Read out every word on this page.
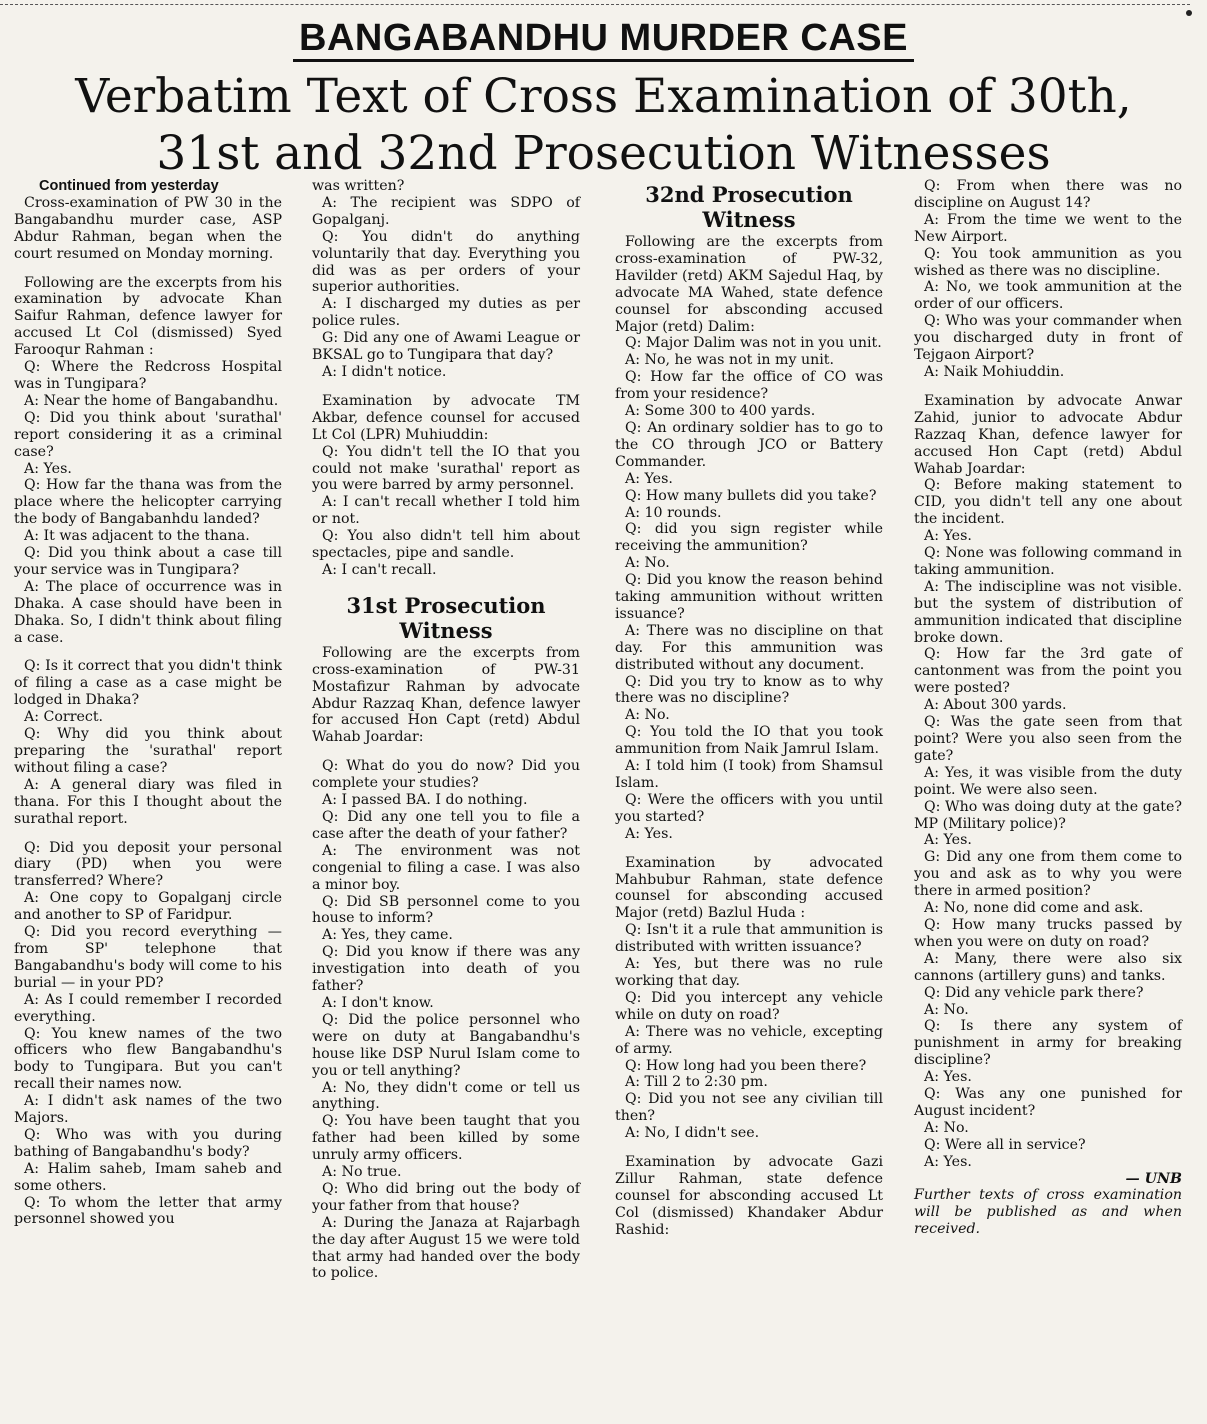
BANGABANDHU MURDER CASE
Verbatim Text of Cross Examination of 30th,
31st and 32nd Prosecution Witnesses

Continued from yesterday

Cross-examination of PW 30 in the Bangabandhu murder case, ASP Abdur Rahman, began when the court resumed on Monday morning.

Following are the excerpts from his examination by advocate Khan Saifur Rahman, defence lawyer for accused Lt Col (dismissed) Syed Farooqur Rahman :

Q: Where the Redcross Hospital was in Tungipara?

A: Near the home of Bangabandhu.

Q: Did you think about 'surathal' report considering it as a criminal case?

A: Yes.

Q: How far the thana was from the place where the helicopter carrying the body of Bangabanhdu landed?

A: It was adjacent to the thana.

Q: Did you think about a case till your service was in Tungipara?

A: The place of occurrence was in Dhaka. A case should have been in Dhaka. So, I didn't think about filing a case.

Q: Is it correct that you didn't think of filing a case as a case might be lodged in Dhaka?

A: Correct.

Q: Why did you think about preparing the 'surathal' report without filing a case?

A: A general diary was filed in thana. For this I thought about the surathal report.

Q: Did you deposit your personal diary (PD) when you were transferred? Where?

A: One copy to Gopalganj circle and another to SP of Faridpur.

Q: Did you record everything — from SP' telephone that Bangabandhu's body will come to his burial — in your PD?

A: As I could remember I recorded everything.

Q: You knew names of the two officers who flew Bangabandhu's body to Tungipara. But you can't recall their names now.

A: I didn't ask names of the two Majors.

Q: Who was with you during bathing of Bangabandhu's body?

A: Halim saheb, Imam saheb and some others.

Q: To whom the letter that army personnel showed you

was written?

A: The recipient was SDPO of Gopalganj.

Q: You didn't do anything voluntarily that day. Everything you did was as per orders of your superior authorities.

A: I discharged my duties as per police rules.

G: Did any one of Awami League or BKSAL go to Tungipara that day?

A: I didn't notice.

Examination by advocate TM Akbar, defence counsel for accused Lt Col (LPR) Muhiuddin:

Q: You didn't tell the IO that you could not make 'surathal' report as you were barred by army personnel.

A: I can't recall whether I told him or not.

Q: You also didn't tell him about spectacles, pipe and sandle.

A: I can't recall.

31st Prosecution Witness

Following are the excerpts from cross-examination of PW-31 Mostafizur Rahman by advocate Abdur Razzaq Khan, defence lawyer for accused Hon Capt (retd) Abdul Wahab Joardar:

Q: What do you do now? Did you complete your studies?

A: I passed BA. I do nothing.

Q: Did any one tell you to file a case after the death of your father?

A: The environment was not congenial to filing a case. I was also a minor boy.

Q: Did SB personnel come to you house to inform?

A: Yes, they came.

Q: Did you know if there was any investigation into death of you father?

A: I don't know.

Q: Did the police personnel who were on duty at Bangabandhu's house like DSP Nurul Islam come to you or tell anything?

A: No, they didn't come or tell us anything.

Q: You have been taught that you father had been killed by some unruly army officers.

A: No true.

Q: Who did bring out the body of your father from that house?

A: During the Janaza at Rajarbagh the day after August 15 we were told that army had handed over the body to police.

32nd Prosecution Witness

Following are the excerpts from cross-examination of PW-32, Havilder (retd) AKM Sajedul Haq, by advocate MA Wahed, state defence counsel for absconding accused Major (retd) Dalim:

Q: Major Dalim was not in you unit.

A: No, he was not in my unit.

Q: How far the office of CO was from your residence?

A: Some 300 to 400 yards.

Q: An ordinary soldier has to go to the CO through JCO or Battery Commander.

A: Yes.

Q: How many bullets did you take?

A: 10 rounds.

Q: did you sign register while receiving the ammunition?

A: No.

Q: Did you know the reason behind taking ammunition without written issuance?

A: There was no discipline on that day. For this ammunition was distributed without any document.

Q: Did you try to know as to why there was no discipline?

A: No.

Q: You told the IO that you took ammunition from Naik Jamrul Islam.

A: I told him (I took) from Shamsul Islam.

Q: Were the officers with you until you started?

A: Yes.

Examination by advocated Mahbubur Rahman, state defence counsel for absconding accused Major (retd) Bazlul Huda :

Q: Isn't it a rule that ammunition is distributed with written issuance?

A: Yes, but there was no rule working that day.

Q: Did you intercept any vehicle while on duty on road?

A: There was no vehicle, excepting of army.

Q: How long had you been there?

A: Till 2 to 2:30 pm.

Q: Did you not see any civilian till then?

A: No, I didn't see.

Examination by advocate Gazi Zillur Rahman, state defence counsel for absconding accused Lt Col (dismissed) Khandaker Abdur Rashid:

Q: From when there was no discipline on August 14?

A: From the time we went to the New Airport.

Q: You took ammunition as you wished as there was no discipline.

A: No, we took ammunition at the order of our officers.

Q: Who was your commander when you discharged duty in front of Tejgaon Airport?

A: Naik Mohiuddin.

Examination by advocate Anwar Zahid, junior to advocate Abdur Razzaq Khan, defence lawyer for accused Hon Capt (retd) Abdul Wahab Joardar:

Q: Before making statement to CID, you didn't tell any one about the incident.

A: Yes.

Q: None was following command in taking ammunition.

A: The indiscipline was not visible. but the system of distribution of ammunition indicated that discipline broke down.

Q: How far the 3rd gate of cantonment was from the point you were posted?

A: About 300 yards.

Q: Was the gate seen from that point? Were you also seen from the gate?

A: Yes, it was visible from the duty point. We were also seen.

Q: Who was doing duty at the gate? MP (Military police)?

A: Yes.

G: Did any one from them come to you and ask as to why you were there in armed position?

A: No, none did come and ask.

Q: How many trucks passed by when you were on duty on road?

A: Many, there were also six cannons (artillery guns) and tanks.

Q: Did any vehicle park there?

A: No.

Q: Is there any system of punishment in army for breaking discipline?

A: Yes.

Q: Was any one punished for August incident?

A: No.

Q: Were all in service?

A: Yes.

— UNB

Further texts of cross examination will be published as and when received.
